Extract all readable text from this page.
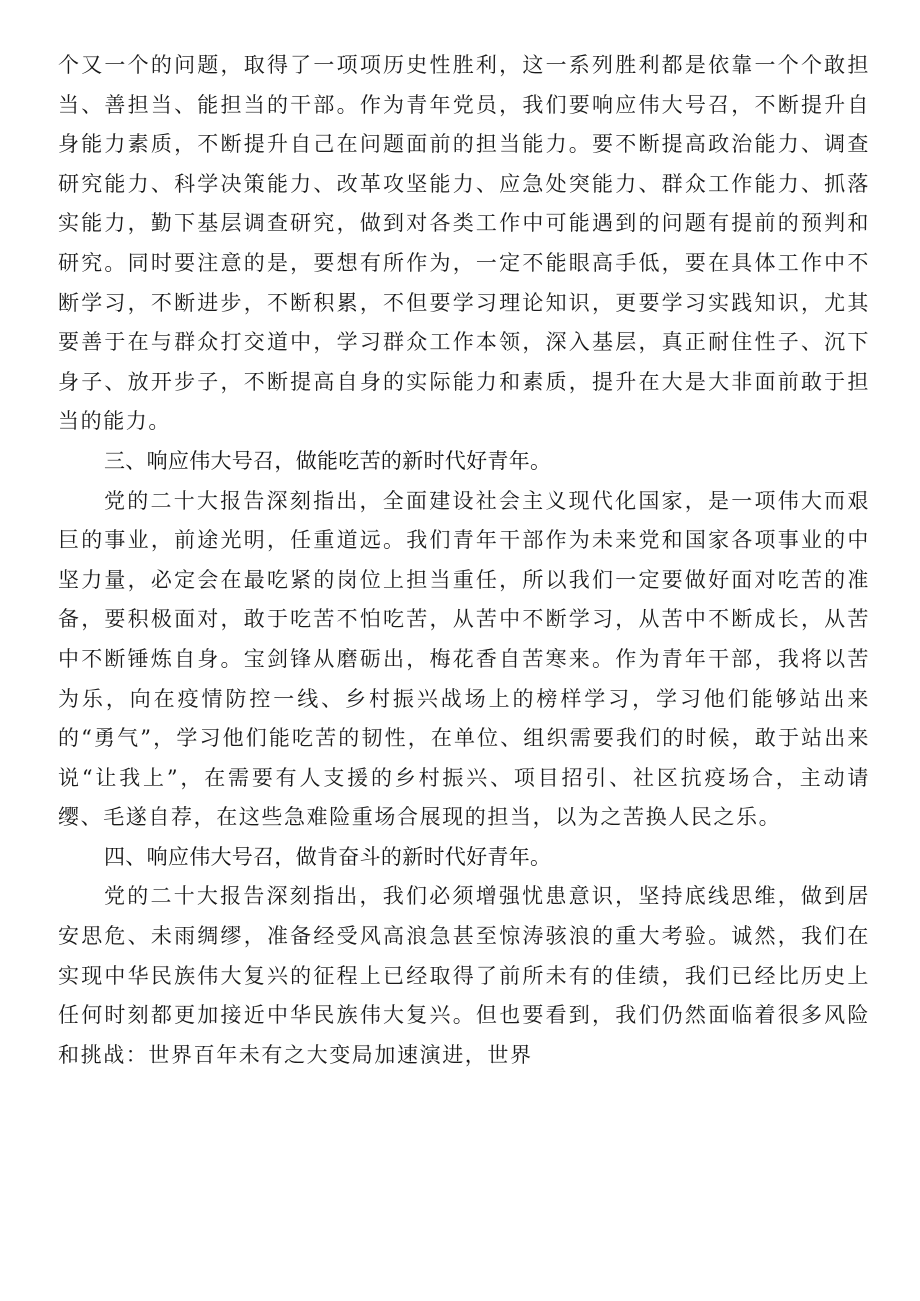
个又一个的问题，取得了一项项历史性胜利，这一系列胜利都是依靠一个个敢担当、善担当、能担当的干部。作为青年党员，我们要响应伟大号召，不断提升自身能力素质，不断提升自己在问题面前的担当能力。要不断提高政治能力、调查研究能力、科学决策能力、改革攻坚能力、应急处突能力、群众工作能力、抓落实能力，勤下基层调查研究，做到对各类工作中可能遇到的问题有提前的预判和研究。同时要注意的是，要想有所作为，一定不能眼高手低，要在具体工作中不断学习，不断进步，不断积累，不但要学习理论知识，更要学习实践知识，尤其要善于在与群众打交道中，学习群众工作本领，深入基层，真正耐住性子、沉下身子、放开步子，不断提高自身的实际能力和素质，提升在大是大非面前敢于担当的能力。

三、响应伟大号召，做能吃苦的新时代好青年。

党的二十大报告深刻指出，全面建设社会主义现代化国家，是一项伟大而艰巨的事业，前途光明，任重道远。我们青年干部作为未来党和国家各项事业的中坚力量，必定会在最吃紧的岗位上担当重任，所以我们一定要做好面对吃苦的准备，要积极面对，敢于吃苦不怕吃苦，从苦中不断学习，从苦中不断成长，从苦中不断锤炼自身。宝剑锋从磨砺出，梅花香自苦寒来。作为青年干部，我将以苦为乐，向在疫情防控一线、乡村振兴战场上的榜样学习，学习他们能够站出来的“勇气”，学习他们能吃苦的韧性，在单位、组织需要我们的时候，敢于站出来说“让我上”，在需要有人支援的乡村振兴、项目招引、社区抗疫场合，主动请缨、毛遂自荐，在这些急难险重场合展现的担当，以为之苦换人民之乐。

四、响应伟大号召，做肯奋斗的新时代好青年。

党的二十大报告深刻指出，我们必须增强忧患意识，坚持底线思维，做到居安思危、未雨绸缪，准备经受风高浪急甚至惊涛骇浪的重大考验。诚然，我们在实现中华民族伟大复兴的征程上已经取得了前所未有的佳绩，我们已经比历史上任何时刻都更加接近中华民族伟大复兴。但也要看到，我们仍然面临着很多风险和挑战：世界百年未有之大变局加速演进，世界
